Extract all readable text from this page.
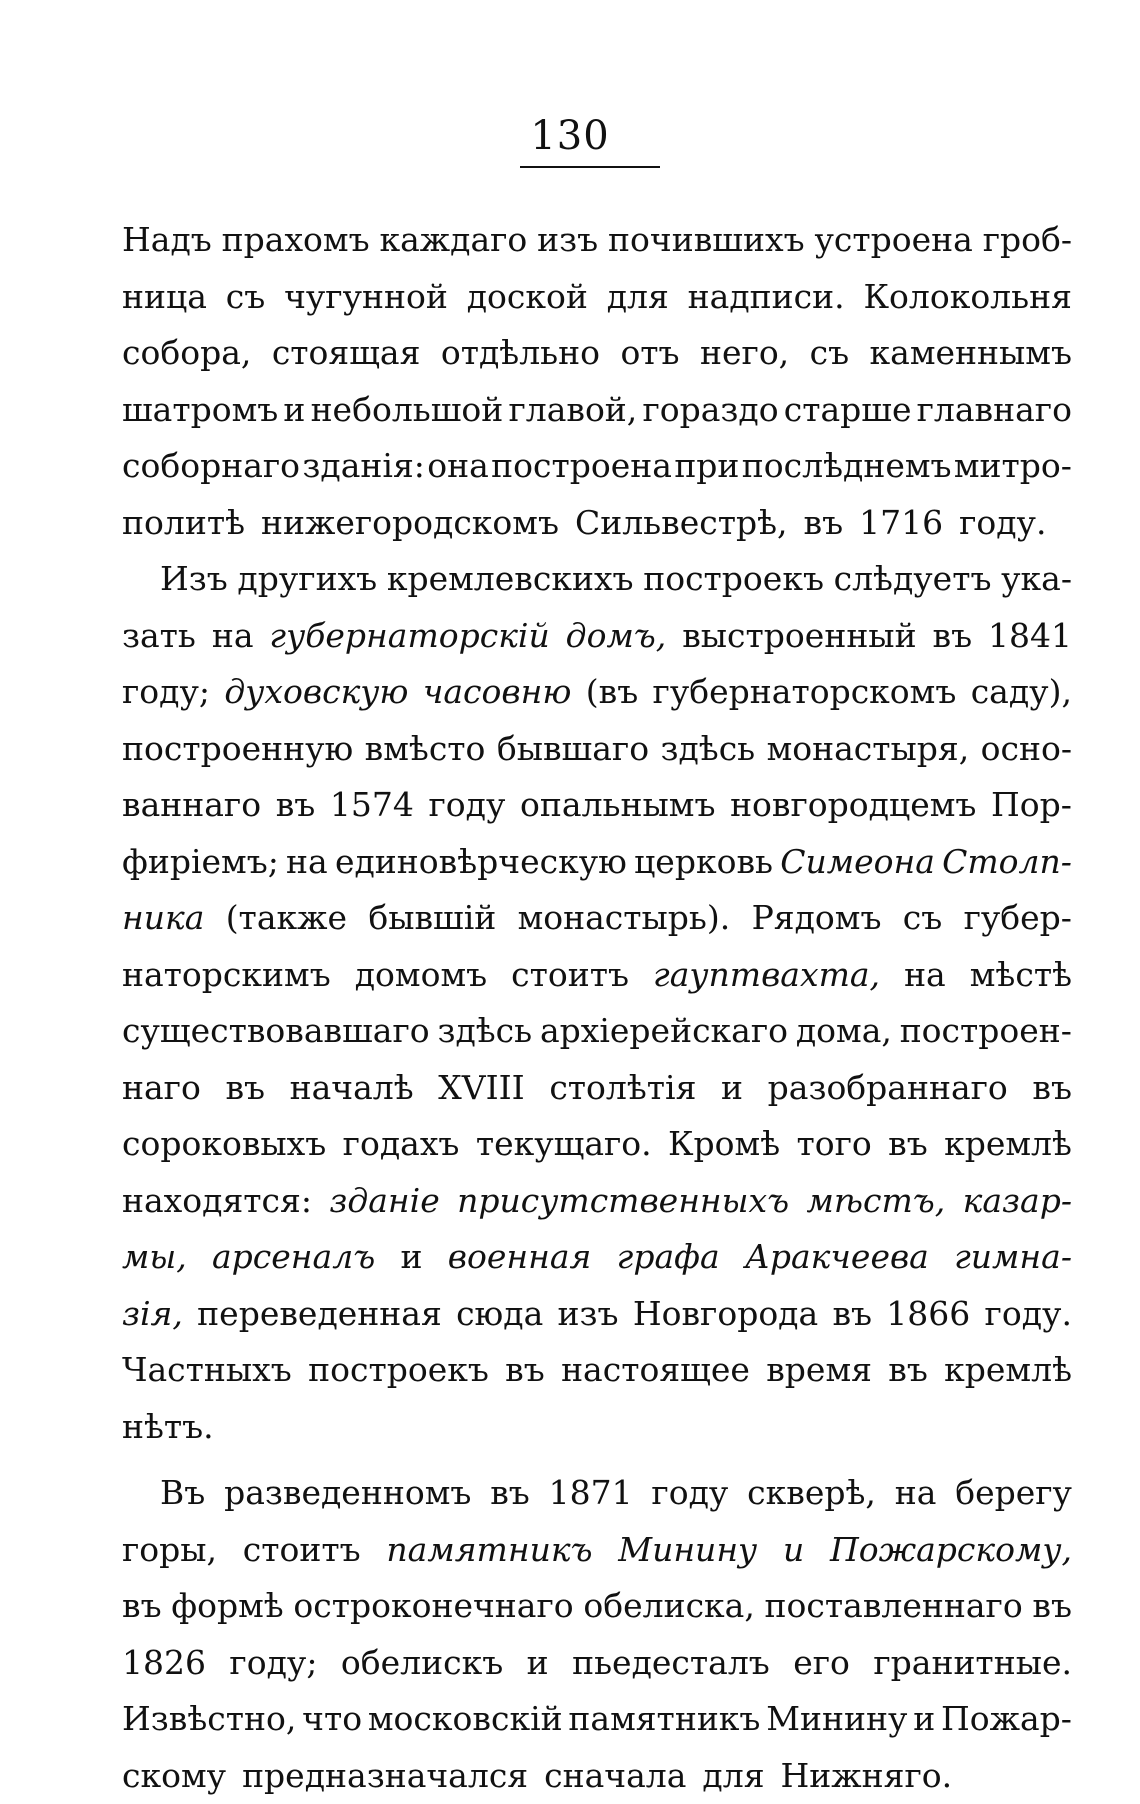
130
Надъ прахомъ каждаго изъ почившихъ устроена гроб-
ница съ чугунной доской для надписи. Колокольня
собора, стоящая отдѣльно отъ него, съ каменнымъ
шатромъ и небольшой главой, гораздо старше главнаго
соборнаго зданія: она построена при послѣднемъ митро-
политѣ нижегородскомъ Сильвестрѣ, въ 1716 году.
Изъ другихъ кремлевскихъ построекъ слѣдуетъ ука-
зать на губернаторскій домъ, выстроенный въ 1841
году; духовскую часовню (въ губернаторскомъ саду),
построенную вмѣсто бывшаго здѣсь монастыря, осно-
ваннаго въ 1574 году опальнымъ новгородцемъ Пор-
фиріемъ; на единовѣрческую церковь Симеона Столп-
ника (также бывшій монастырь). Рядомъ съ губер-
наторскимъ домомъ стоитъ гауптвахта, на мѣстѣ
существовавшаго здѣсь архіерейскаго дома, построен-
наго въ началѣ XVIII столѣтія и разобраннаго въ
сороковыхъ годахъ текущаго. Кромѣ того въ кремлѣ
находятся: зданіе присутственныхъ мѣстъ, казар-
мы, арсеналъ и военная графа Аракчеева гимна-
зія, переведенная сюда изъ Новгорода въ 1866 году.
Частныхъ построекъ въ настоящее время въ кремлѣ
нѣтъ.
Въ разведенномъ въ 1871 году скверѣ, на берегу
горы, стоитъ памятникъ Минину и Пожарскому,
въ формѣ остроконечнаго обелиска, поставленнаго въ
1826 году; обелискъ и пьедесталъ его гранитные.
Извѣстно, что московскій памятникъ Минину и Пожар-
скому предназначался сначала для Нижняго.
